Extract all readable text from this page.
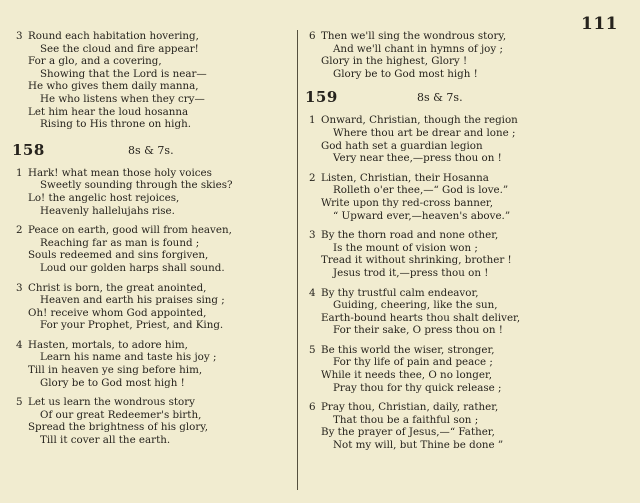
111
3 Round each habitation hovering,
See the cloud and fire appear!
For a glo, and a covering,
Showing that the Lord is near—
He who gives them daily manna,
He who listens when they cry—
Let him hear the loud hosanna
Rising to His throne on high.
158	8s & 7s.
1 Hark! what mean those holy voices
Sweetly sounding through the skies?
Lo! the angelic host rejoices,
Heavenly hallelujahs rise.
2 Peace on earth, good will from heaven,
Reaching far as man is found ;
Souls redeemed and sins forgiven,
Loud our golden harps shall sound.
3 Christ is born, the great anointed,
Heaven and earth his praises sing ;
Oh! receive whom God appointed,
For your Prophet, Priest, and King.
4 Hasten, mortals, to adore him,
Learn his name and taste his joy ;
Till in heaven ye sing before him,
Glory be to God most high !
5 Let us learn the wondrous story
Of our great Redeemer's birth,
Spread the brightness of his glory,
Till it cover all the earth.
6 Then we'll sing the wondrous story,
And we'll chant in hymns of joy ;
Glory in the highest, Glory !
Glory be to God most high !
159	8s & 7s.
1 Onward, Christian, though the region
Where thou art be drear and lone ;
God hath set a guardian legion
Very near thee,—press thou on !
2 Listen, Christian, their Hosanna
Rolleth o'er thee,—“ God is love.”
Write upon thy red-cross banner,
“ Upward ever,—heaven's above.”
3 By the thorn road and none other,
Is the mount of vision won ;
Tread it without shrinking, brother !
Jesus trod it,—press thou on !
4 By thy trustful calm endeavor,
Guiding, cheering, like the sun,
Earth-bound hearts thou shalt deliver,
For their sake, O press thou on !
5 Be this world the wiser, stronger,
For thy life of pain and peace ;
While it needs thee, O no longer,
Pray thou for thy quick release ;
6 Pray thou, Christian, daily, rather,
That thou be a faithful son ;
By the prayer of Jesus,—“ Father,
Not my will, but Thine be done ”
